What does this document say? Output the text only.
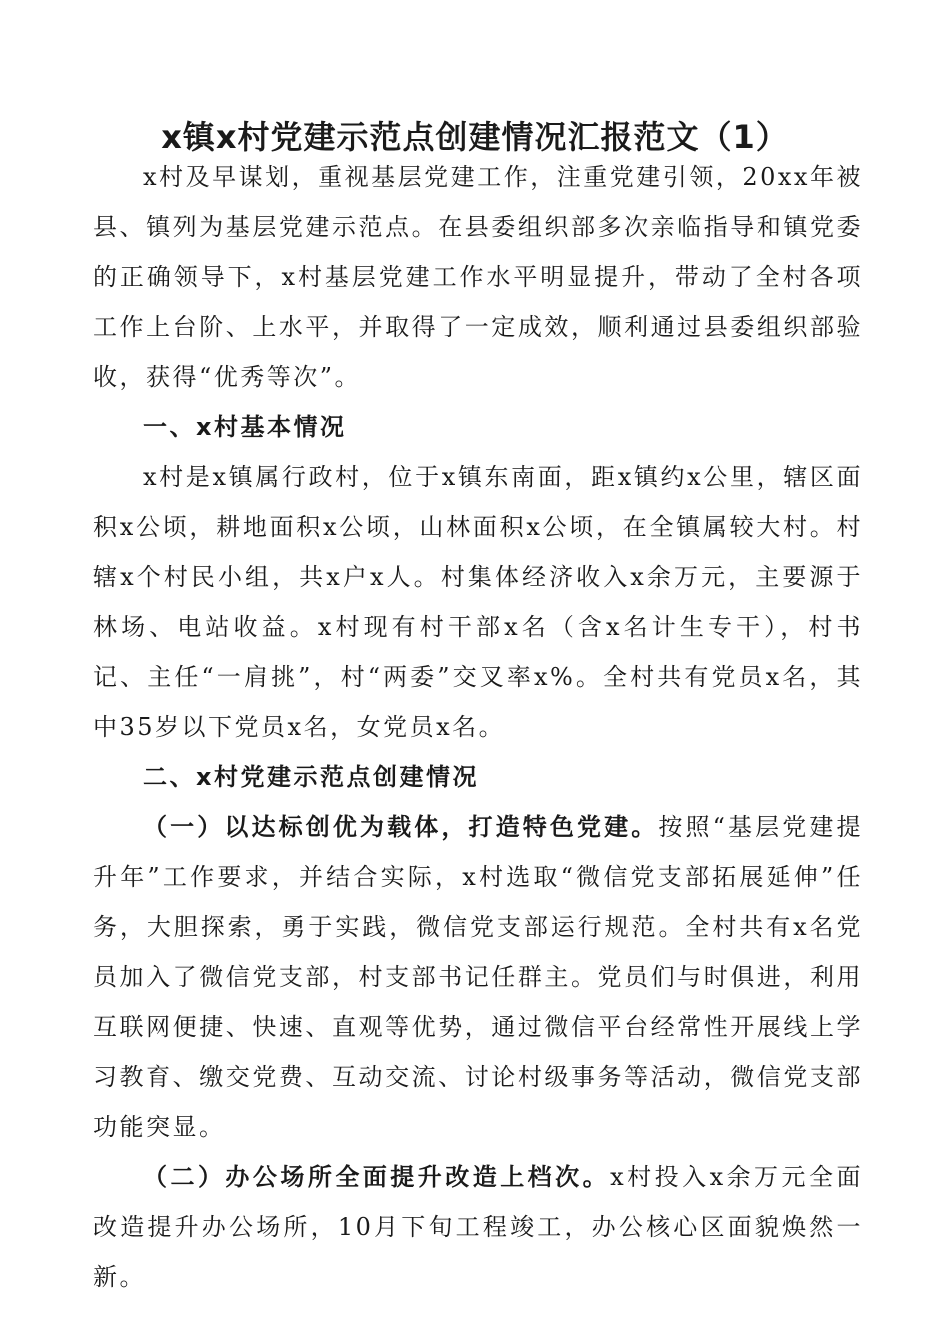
x镇x村党建示范点创建情况汇报范文（1）

x村及早谋划，重视基层党建工作，注重党建引领，20xx年被县、镇列为基层党建示范点。在县委组织部多次亲临指导和镇党委的正确领导下，x村基层党建工作水平明显提升，带动了全村各项工作上台阶、上水平，并取得了一定成效，顺利通过县委组织部验收，获得“优秀等次”。

一、x村基本情况

x村是x镇属行政村，位于x镇东南面，距x镇约x公里，辖区面积x公顷，耕地面积x公顷，山林面积x公顷，在全镇属较大村。村辖x个村民小组，共x户x人。村集体经济收入x余万元，主要源于林场、电站收益。x村现有村干部x名（含x名计生专干），村书记、主任“一肩挑”，村“两委”交叉率x%。全村共有党员x名，其中35岁以下党员x名，女党员x名。

二、x村党建示范点创建情况

（一）以达标创优为载体，打造特色党建。按照“基层党建提升年”工作要求，并结合实际，x村选取“微信党支部拓展延伸”任务，大胆探索，勇于实践，微信党支部运行规范。全村共有x名党员加入了微信党支部，村支部书记任群主。党员们与时俱进，利用互联网便捷、快速、直观等优势，通过微信平台经常性开展线上学习教育、缴交党费、互动交流、讨论村级事务等活动，微信党支部功能突显。

（二）办公场所全面提升改造上档次。x村投入x余万元全面改造提升办公场所，10月下旬工程竣工，办公核心区面貌焕然一新。
